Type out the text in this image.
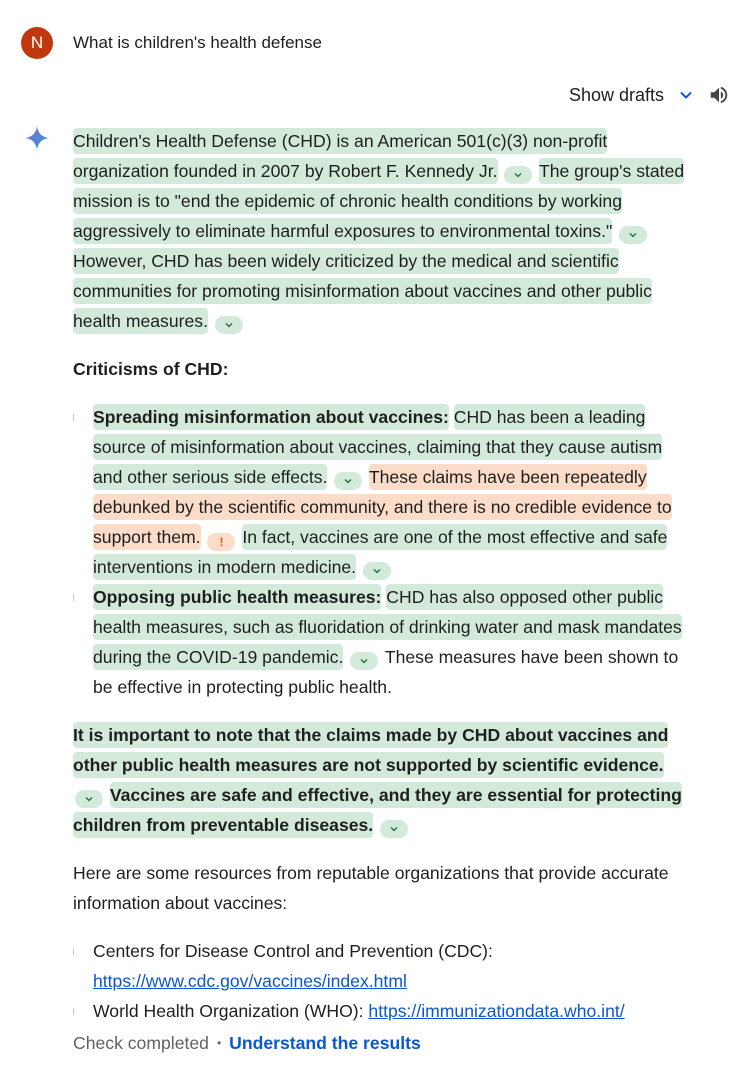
N	What is children's health defense
Show drafts

Children's Health Defense (CHD) is an American 501(c)(3) non-profit organization founded in 2007 by Robert F. Kennedy Jr. The group's stated mission is to "end the epidemic of chronic health conditions by working aggressively to eliminate harmful exposures to environmental toxins."
However, CHD has been widely criticized by the medical and scientific communities for promoting misinformation about vaccines and other public health measures.

Criticisms of CHD:
Spreading misinformation about vaccines: CHD has been a leading source of misinformation about vaccines, claiming that they cause autism and other serious side effects. These claims have been repeatedly debunked by the scientific community, and there is no credible evidence to support them. ! In fact, vaccines are one of the most effective and safe interventions in modern medicine.
Opposing public health measures: CHD has also opposed other public health measures, such as fluoridation of drinking water and mask mandates during the COVID-19 pandemic. These measures have been shown to be effective in protecting public health.

It is important to note that the claims made by CHD about vaccines and other public health measures are not supported by scientific evidence.
Vaccines are safe and effective, and they are essential for protecting children from preventable diseases.

Here are some resources from reputable organizations that provide accurate information about vaccines:

Centers for Disease Control and Prevention (CDC): https://www.cdc.gov/vaccines/index.html
World Health Organization (WHO): https://immunizationdata.who.int/
Check completed • Understand the results
